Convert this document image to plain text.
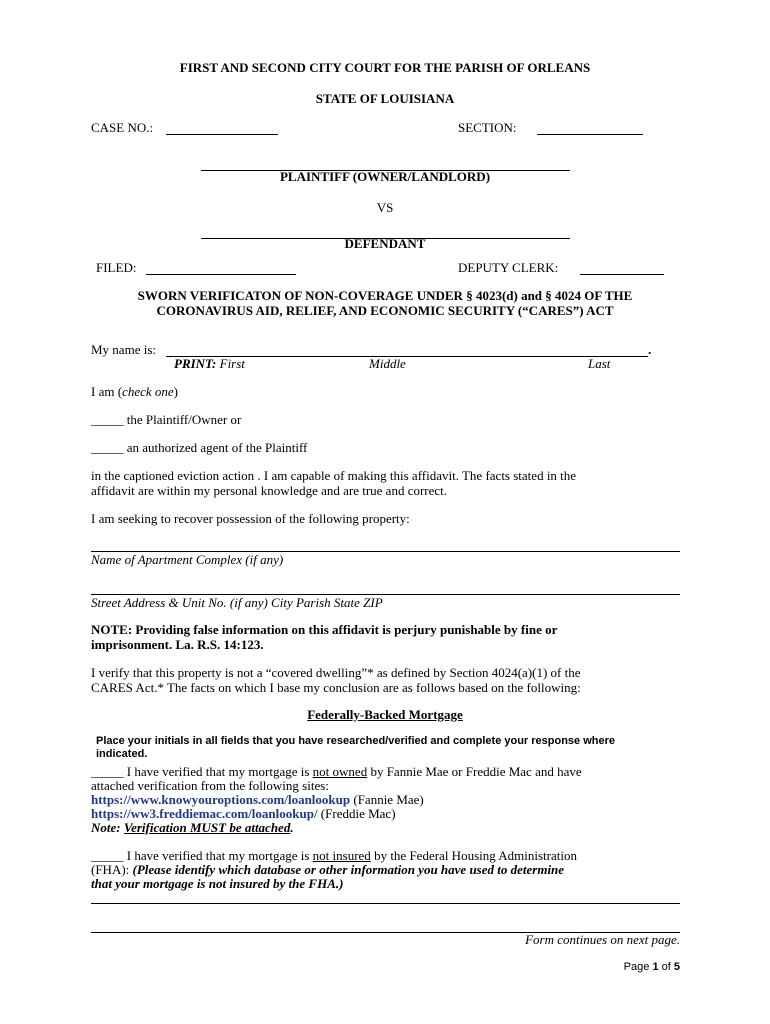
FIRST AND SECOND CITY COURT FOR THE PARISH OF ORLEANS
STATE OF LOUISIANA
CASE NO.:	SECTION:
PLAINTIFF (OWNER/LANDLORD)
VS
DEFENDANT
FILED:	DEPUTY CLERK:
SWORN VERIFICATON OF NON-COVERAGE UNDER § 4023(d) and § 4024 OF THE
CORONAVIRUS AID, RELIEF, AND ECONOMIC SECURITY (“CARES”) ACT
My name is:	.
PRINT: First	Middle	Last
I am (check one)
_____ the Plaintiff/Owner or
_____ an authorized agent of the Plaintiff
in the captioned eviction action . I am capable of making this affidavit. The facts stated in the
affidavit are within my personal knowledge and are true and correct.
I am seeking to recover possession of the following property:
Name of Apartment Complex (if any)
Street Address & Unit No. (if any) City Parish State ZIP
NOTE: Providing false information on this affidavit is perjury punishable by fine or
imprisonment. La. R.S. 14:123.
I verify that this property is not a “covered dwelling”* as defined by Section 4024(a)(1) of the
CARES Act.* The facts on which I base my conclusion are as follows based on the following:
Federally-Backed Mortgage
Place your initials in all fields that you have researched/verified and complete your response where
indicated.
_____ I have verified that my mortgage is not owned by Fannie Mae or Freddie Mac and have
attached verification from the following sites:
https://www.knowyouroptions.com/loanlookup (Fannie Mae)
https://ww3.freddiemac.com/loanlookup/ (Freddie Mac)
Note: Verification MUST be attached.
_____ I have verified that my mortgage is not insured by the Federal Housing Administration
(FHA): (Please identify which database or other information you have used to determine
that your mortgage is not insured by the FHA.)
Form continues on next page.
Page 1 of 5
